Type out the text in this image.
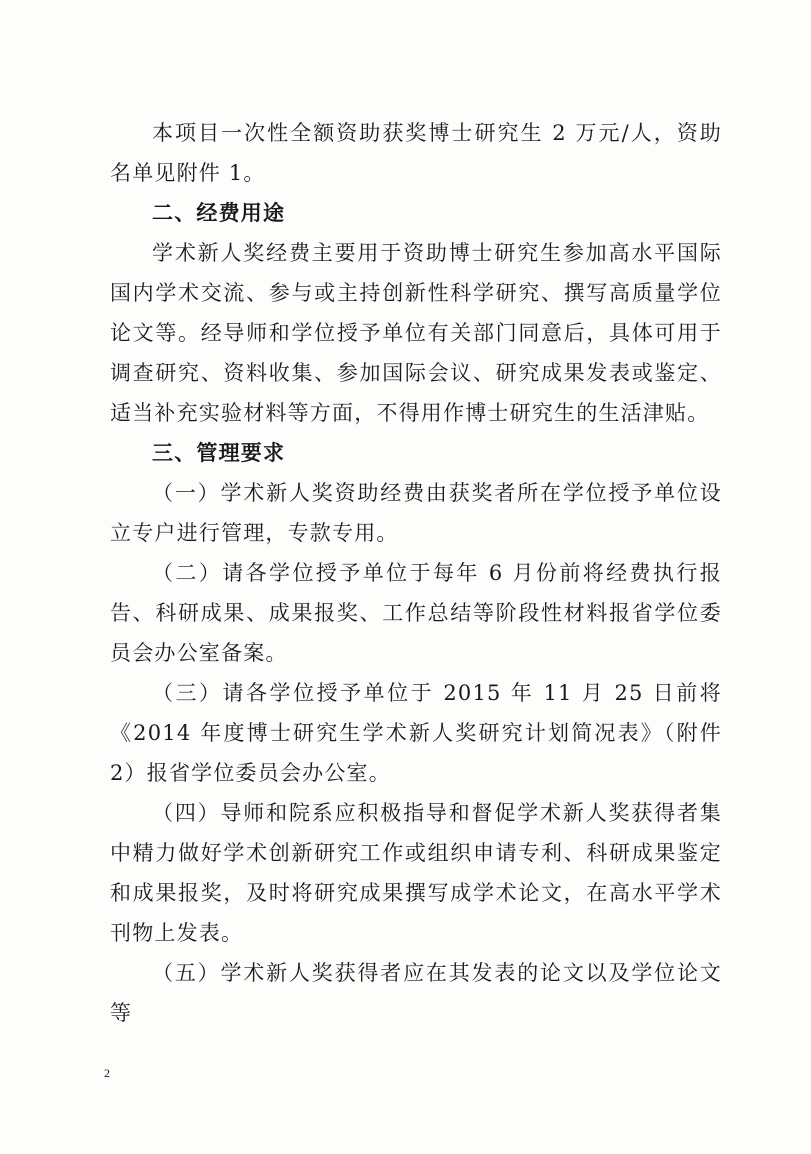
本项目一次性全额资助获奖博士研究生 2 万元/人，资助名单见附件 1。

二、经费用途

学术新人奖经费主要用于资助博士研究生参加高水平国际国内学术交流、参与或主持创新性科学研究、撰写高质量学位论文等。经导师和学位授予单位有关部门同意后，具体可用于调查研究、资料收集、参加国际会议、研究成果发表或鉴定、适当补充实验材料等方面，不得用作博士研究生的生活津贴。

三、管理要求

（一）学术新人奖资助经费由获奖者所在学位授予单位设立专户进行管理，专款专用。

（二）请各学位授予单位于每年 6 月份前将经费执行报告、科研成果、成果报奖、工作总结等阶段性材料报省学位委员会办公室备案。

（三）请各学位授予单位于 2015 年 11 月 25 日前将《2014 年度博士研究生学术新人奖研究计划简况表》（附件 2）报省学位委员会办公室。

（四）导师和院系应积极指导和督促学术新人奖获得者集中精力做好学术创新研究工作或组织申请专利、科研成果鉴定和成果报奖，及时将研究成果撰写成学术论文，在高水平学术刊物上发表。

（五）学术新人奖获得者应在其发表的论文以及学位论文等

2
